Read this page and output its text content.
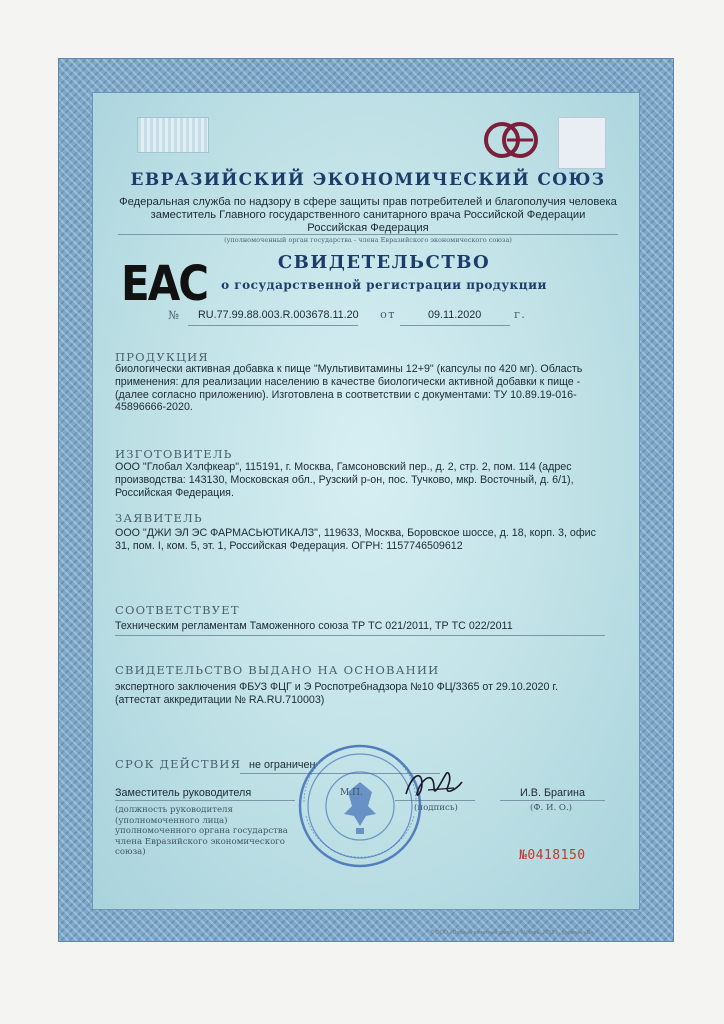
ЕВРАЗИЙСКИЙ ЭКОНОМИЧЕСКИЙ СОЮЗ

Федеральная служба по надзору в сфере защиты прав потребителей и благополучия человека
заместитель Главного государственного санитарного врача Российской Федерации
Российская Федерация

(уполномоченный орган государства - члена Евразийского экономического союза)

ЕАС	СВИДЕТЕЛЬСТВО

о государственной регистрации продукции

№ RU.77.99.88.003.R.003678.11.20 от	09.11.2020	г.
ПРОДУКЦИЯ

биологически активная добавка к пище "Мультивитамины 12+9" (капсулы по 420 мг). Область применения: для реализации населению в качестве биологически активной добавки к пище - (далее согласно приложению). Изготовлена в соответствии с документами: ТУ 10.89.19-016-45896666-2020.

ИЗГОТОВИТЕЛЬ

ООО "Глобал Хэлфкеар", 115191, г. Москва, Гамсоновский пер., д. 2, стр. 2, пом. 114 (адрес производства: 143130, Московская обл., Рузский р-он, пос. Тучково, мкр. Восточный, д. 6/1), Российская Федерация.

ЗАЯВИТЕЛЬ

ООО "ДЖИ ЭЛ ЭС ФАРМАСЬЮТИКАЛЗ", 119633, Москва, Боровское шоссе, д. 18, корп. 3, офис 31, пом. I, ком. 5, эт. 1, Российская Федерация. ОГРН: 1157746509612

СООТВЕТСТВУЕТ

Техническим регламентам Таможенного союза ТР ТС 021/2011, ТР ТС 022/2011

СВИДЕТЕЛЬСТВО ВЫДАНО НА ОСНОВАНИИ

экспертного заключения ФБУЗ ФЦГ и Э Роспотребнадзора №10 ФЦ/3365 от 29.10.2020 г. (аттестат аккредитации № RA.RU.710003)

СРОК ДЕЙСТВИЯ не ограничен
Заместитель руководителя	И.В. Брагина
(подпись)	(Ф. И. О.)

(должность руководителя (уполномоченного лица) уполномоченного органа государства члена Евразийского экономического союза)

М.П.
№0418150
© ООО «Первый печатный двор», г. Москва, 2019 г., уровень «В»
